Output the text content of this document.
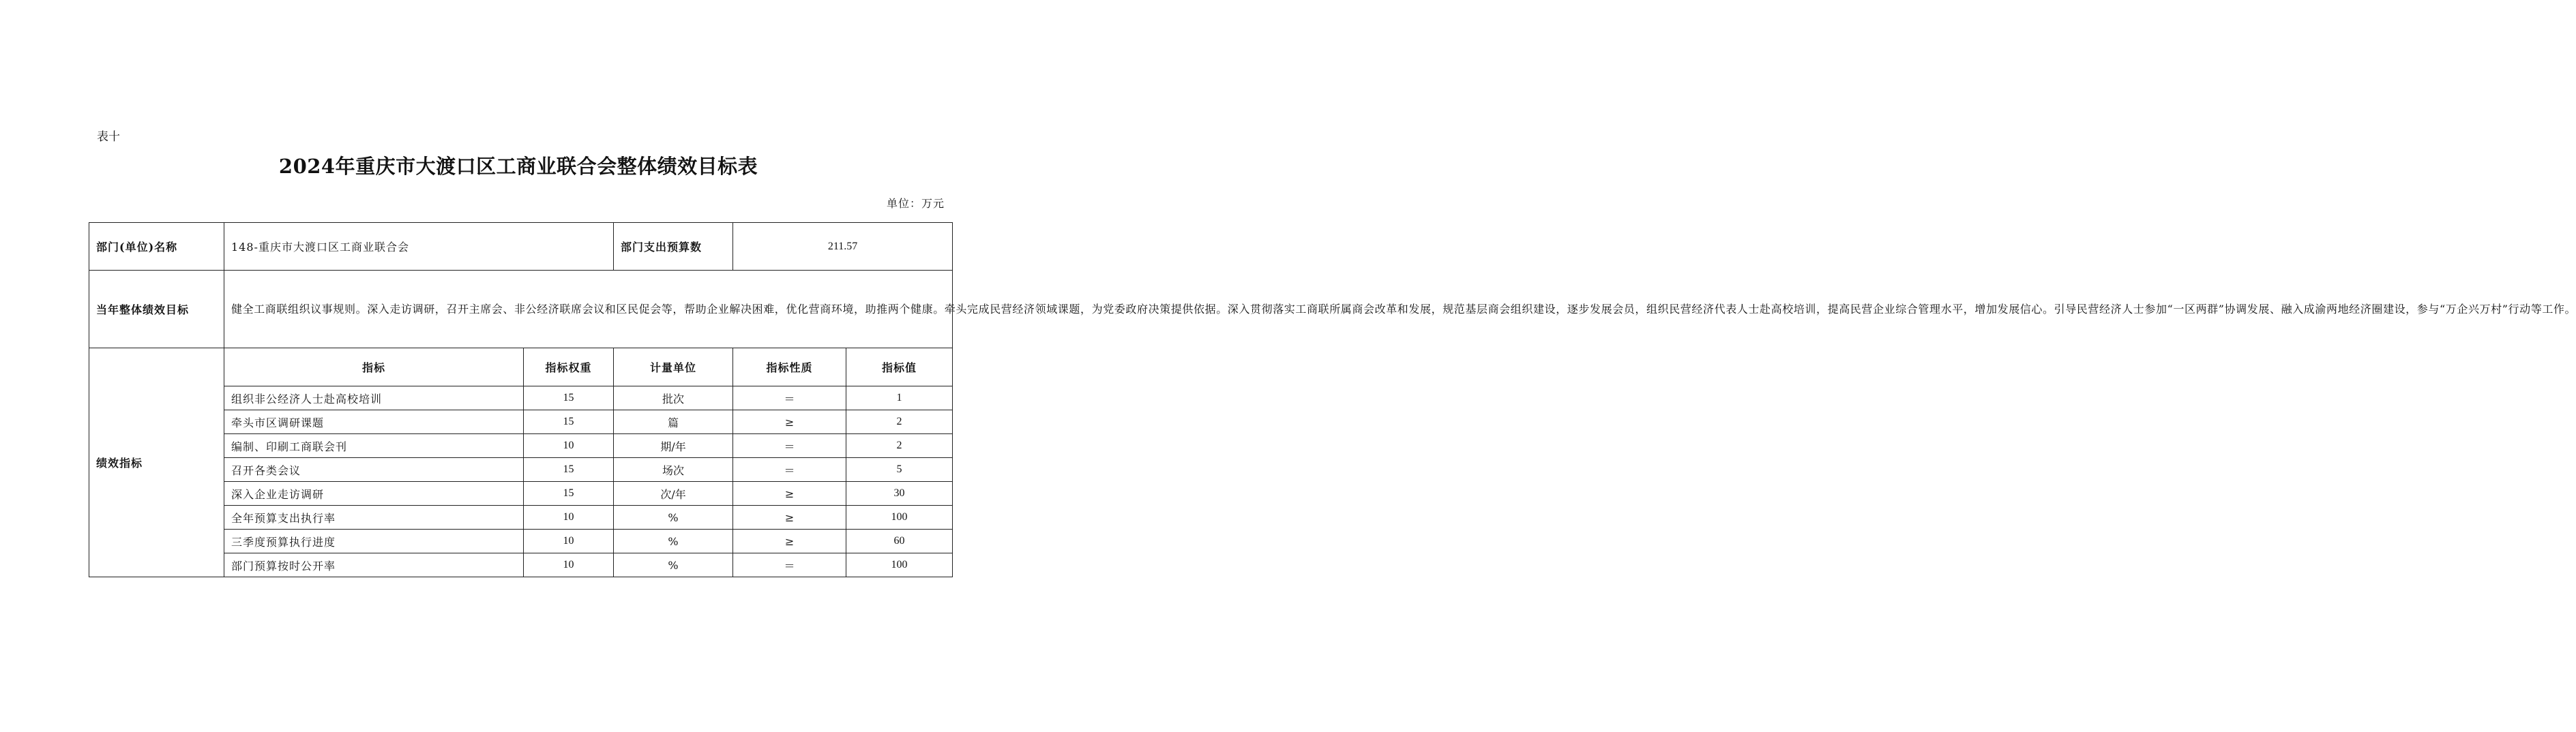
表十
2024年重庆市大渡口区工商业联合会整体绩效目标表
单位：万元
部门(单位)名称	148-重庆市大渡口区工商业联合会		部门支出预算数	211.57	
当年整体绩效目标	健全工商联组织议事规则。深入走访调研，召开主席会、非公经济联席会议和区民促会等，帮助企业解决困难，优化营商环境，助推两个健康。牵头完成民营经济领域课题，为党委政府决策提供依据。深入贯彻落实工商联所属商会改革和发展，规范基层商会组织建设，逐步发展会员，组织民营经济代表人士赴高校培训，提高民营企业综合管理水平，增加发展信心。引导民营经济人士参加“一区两群”协调发展、融入成渝两地经济圈建设，参与“万企兴万村”行动等工作。				
绩效指标	指标	指标权重	计量单位	指标性质	指标值
	组织非公经济人士赴高校培训	15	批次	＝	1
	牵头市区调研课题	15	篇	≥	2
	编制、印刷工商联会刊	10	期/年	＝	2
	召开各类会议	15	场次	＝	5
	深入企业走访调研	15	次/年	≥	30
	全年预算支出执行率	10	%	≥	100
	三季度预算执行进度	10	%	≥	60
	部门预算按时公开率	10	%	＝	100
